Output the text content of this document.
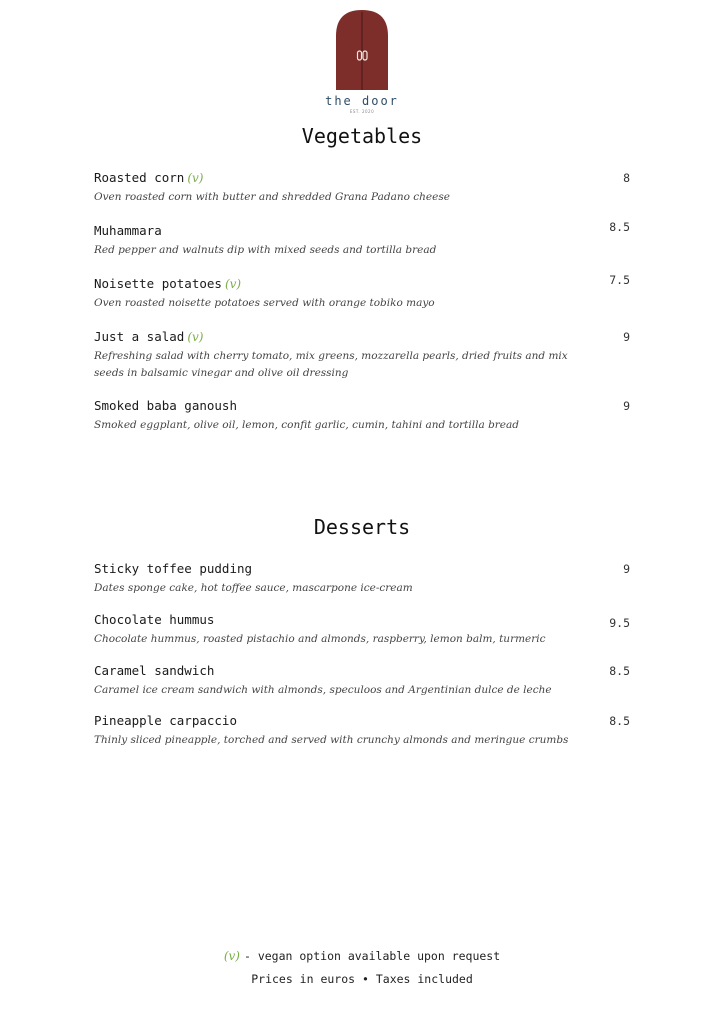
the door
EST. 2020
Vegetables
Roasted corn (v)
Oven roasted corn with butter and shredded Grana Padano cheese
8
Muhammara
Red pepper and walnuts dip with mixed seeds and tortilla bread
8.5
Noisette potatoes (v)
Oven roasted noisette potatoes served with orange tobiko mayo
7.5
Just a salad (v)
Refreshing salad with cherry tomato, mix greens, mozzarella pearls, dried fruits and mix seeds in balsamic vinegar and olive oil dressing
9
Smoked baba ganoush
Smoked eggplant, olive oil, lemon, confit garlic, cumin, tahini and tortilla bread
9
Desserts
Sticky toffee pudding
Dates sponge cake, hot toffee sauce, mascarpone ice-cream
9
Chocolate hummus
Chocolate hummus, roasted pistachio and almonds, raspberry, lemon balm, turmeric
9.5
Caramel sandwich
Caramel ice cream sandwich with almonds, speculoos and Argentinian dulce de leche
8.5
Pineapple carpaccio
Thinly sliced pineapple, torched and served with crunchy almonds and meringue crumbs
8.5
(v) - vegan option available upon request
Prices in euros • Taxes included
